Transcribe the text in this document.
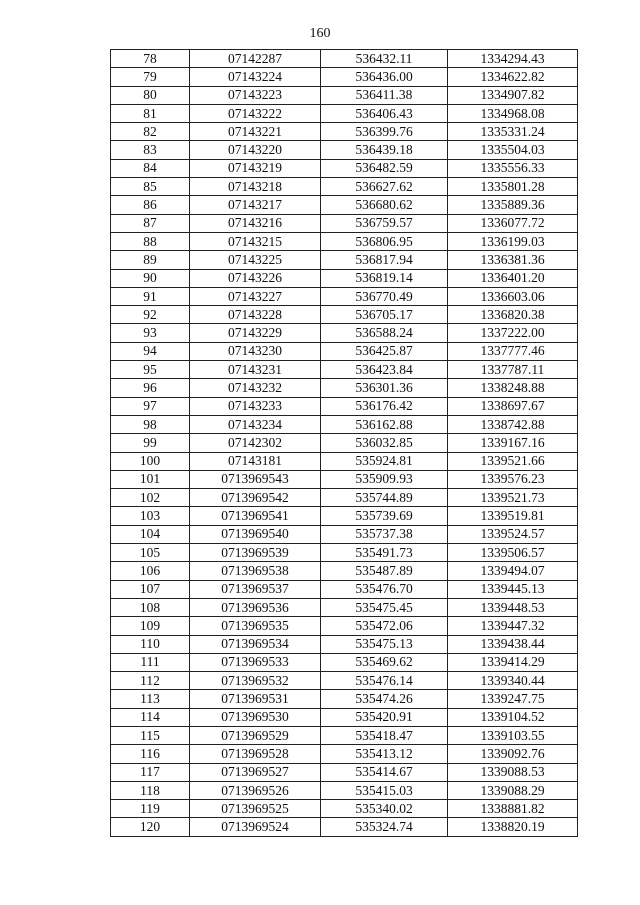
160
78	07142287	536432.11	1334294.43
79	07143224	536436.00	1334622.82
80	07143223	536411.38	1334907.82
81	07143222	536406.43	1334968.08
82	07143221	536399.76	1335331.24
83	07143220	536439.18	1335504.03
84	07143219	536482.59	1335556.33
85	07143218	536627.62	1335801.28
86	07143217	536680.62	1335889.36
87	07143216	536759.57	1336077.72
88	07143215	536806.95	1336199.03
89	07143225	536817.94	1336381.36
90	07143226	536819.14	1336401.20
91	07143227	536770.49	1336603.06
92	07143228	536705.17	1336820.38
93	07143229	536588.24	1337222.00
94	07143230	536425.87	1337777.46
95	07143231	536423.84	1337787.11
96	07143232	536301.36	1338248.88
97	07143233	536176.42	1338697.67
98	07143234	536162.88	1338742.88
99	07142302	536032.85	1339167.16
100	07143181	535924.81	1339521.66
101	0713969543	535909.93	1339576.23
102	0713969542	535744.89	1339521.73
103	0713969541	535739.69	1339519.81
104	0713969540	535737.38	1339524.57
105	0713969539	535491.73	1339506.57
106	0713969538	535487.89	1339494.07
107	0713969537	535476.70	1339445.13
108	0713969536	535475.45	1339448.53
109	0713969535	535472.06	1339447.32
110	0713969534	535475.13	1339438.44
111	0713969533	535469.62	1339414.29
112	0713969532	535476.14	1339340.44
113	0713969531	535474.26	1339247.75
114	0713969530	535420.91	1339104.52
115	0713969529	535418.47	1339103.55
116	0713969528	535413.12	1339092.76
117	0713969527	535414.67	1339088.53
118	0713969526	535415.03	1339088.29
119	0713969525	535340.02	1338881.82
120	0713969524	535324.74	1338820.19
